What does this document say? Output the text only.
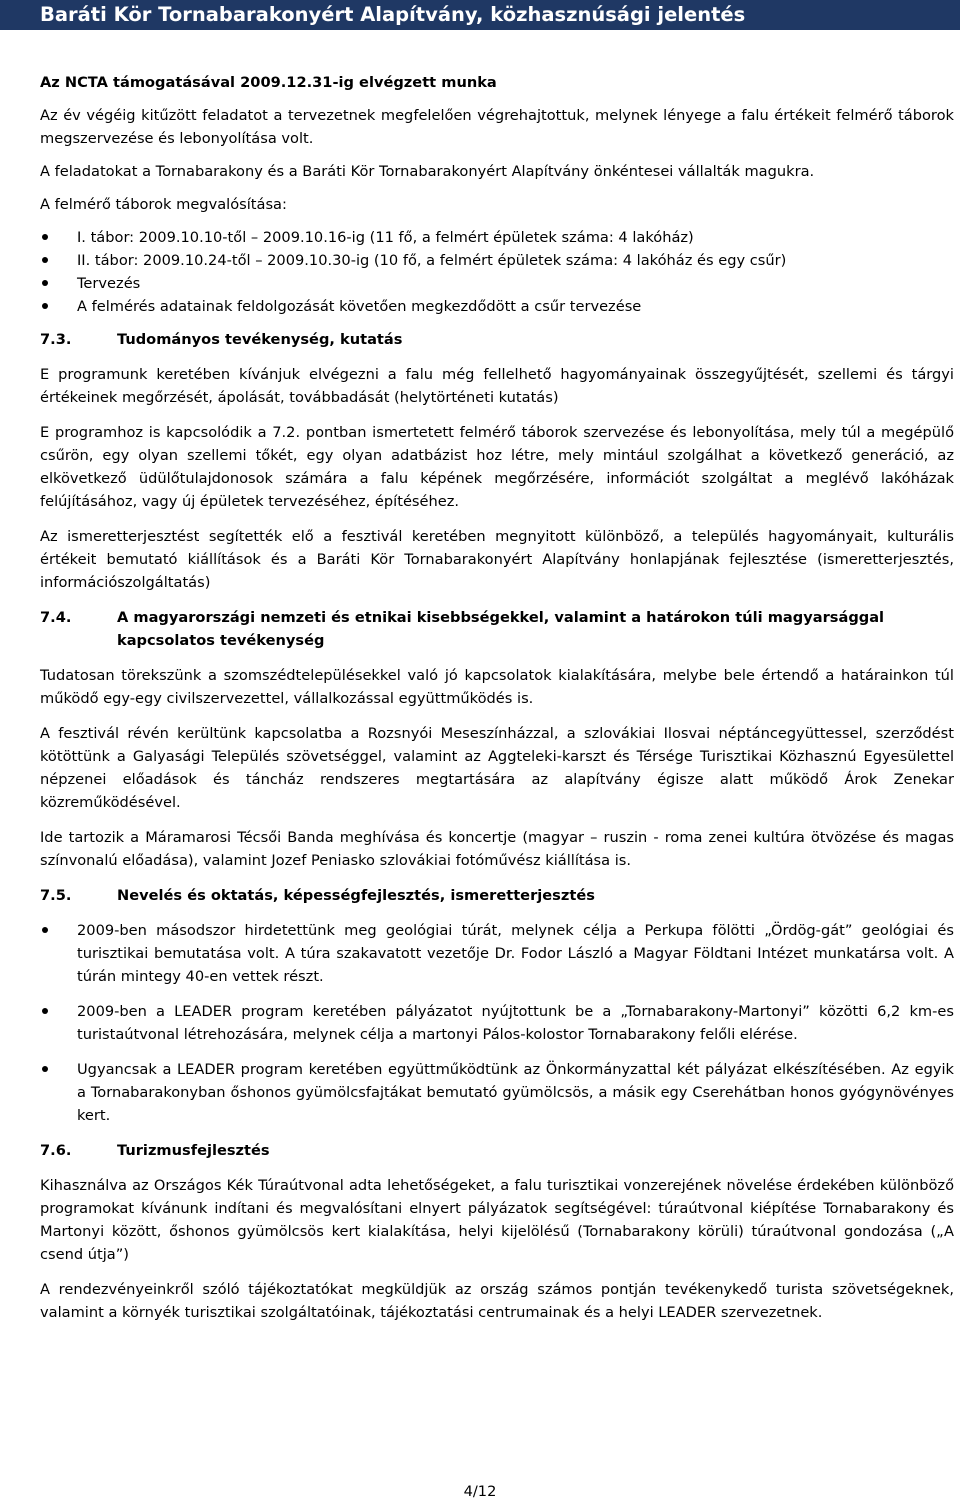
Baráti Kör Tornabarakonyért Alapítvány, közhasznúsági jelentés

Az NCTA támogatásával 2009.12.31-ig elvégzett munka

Az év végéig kitűzött feladatot a tervezetnek megfelelően végrehajtottuk, melynek lényege a falu értékeit felmérő táborok megszervezése és lebonyolítása volt.

A feladatokat a Tornabarakony és a Baráti Kör Tornabarakonyért Alapítvány önkéntesei vállalták magukra.

A felmérő táborok megvalósítása:

I. tábor: 2009.10.10-től – 2009.10.16-ig (11 fő, a felmért épületek száma: 4 lakóház)
II. tábor: 2009.10.24-től – 2009.10.30-ig (10 fő, a felmért épületek száma: 4 lakóház és egy csűr)
Tervezés
A felmérés adatainak feldolgozását követően megkezdődött a csűr tervezése
7.3.	Tudományos tevékenység, kutatás

E programunk keretében kívánjuk elvégezni a falu még fellelhető hagyományainak összegyűjtését, szellemi és tárgyi értékeinek megőrzését, ápolását, továbbadását (helytörténeti kutatás)

E programhoz is kapcsolódik a 7.2. pontban ismertetett felmérő táborok szervezése és lebonyolítása, mely túl a megépülő csűrön, egy olyan szellemi tőkét, egy olyan adatbázist hoz létre, mely mintául szolgálhat a következő generáció, az elkövetkező üdülőtulajdonosok számára a falu képének megőrzésére, információt szolgáltat a meglévő lakóházak felújításához, vagy új épületek tervezéséhez, építéséhez.

Az ismeretterjesztést segítették elő a fesztivál keretében megnyitott különböző, a település hagyományait, kulturális értékeit bemutató kiállítások és a Baráti Kör Tornabarakonyért Alapítvány honlapjának fejlesztése (ismeretterjesztés, információszolgáltatás)

7.4.	A magyarországi nemzeti és etnikai kisebbségekkel, valamint a határokon túli magyarsággal kapcsolatos tevékenység

Tudatosan törekszünk a szomszédtelepülésekkel való jó kapcsolatok kialakítására, melybe bele értendő a határainkon túl működő egy-egy civilszervezettel, vállalkozással együttműködés is.

A fesztivál révén kerültünk kapcsolatba a Rozsnyói Meseszínházzal, a szlovákiai Ilosvai néptáncegyüttessel, szerződést kötöttünk a Galyasági Település szövetséggel, valamint az Aggteleki-karszt és Térsége Turisztikai Közhasznú Egyesülettel népzenei előadások és táncház rendszeres megtartására az alapítvány égisze alatt működő Árok Zenekar közreműködésével.

Ide tartozik a Máramarosi Técsői Banda meghívása és koncertje (magyar – ruszin - roma zenei kultúra ötvözése és magas színvonalú előadása), valamint Jozef Peniasko szlovákiai fotóművész kiállítása is.

7.5.	Nevelés és oktatás, képességfejlesztés, ismeretterjesztés
2009-ben másodszor hirdetettünk meg geológiai túrát, melynek célja a Perkupa fölötti „Ördög-gát” geológiai és turisztikai bemutatása volt. A túra szakavatott vezetője Dr. Fodor László a Magyar Földtani Intézet munkatársa volt. A túrán mintegy 40-en vettek részt.
2009-ben a LEADER program keretében pályázatot nyújtottunk be a „Tornabarakony-Martonyi” közötti 6,2 km-es turistaútvonal létrehozására, melynek célja a martonyi Pálos-kolostor Tornabarakony felőli elérése.
Ugyancsak a LEADER program keretében együttműködtünk az Önkormányzattal két pályázat elkészítésében. Az egyik a Tornabarakonyban őshonos gyümölcsfajtákat bemutató gyümölcsös, a másik egy Cserehátban honos gyógynövényes kert.
7.6.	Turizmusfejlesztés

Kihasználva az Országos Kék Túraútvonal adta lehetőségeket, a falu turisztikai vonzerejének növelése érdekében különböző programokat kívánunk indítani és megvalósítani elnyert pályázatok segítségével: túraútvonal kiépítése Tornabarakony és Martonyi között, őshonos gyümölcsös kert kialakítása, helyi kijelölésű (Tornabarakony körüli) túraútvonal gondozása („A csend útja”)

A rendezvényeinkről szóló tájékoztatókat megküldjük az ország számos pontján tevékenykedő turista szövetségeknek, valamint a környék turisztikai szolgáltatóinak, tájékoztatási centrumainak és a helyi LEADER szervezetnek.

4/12
